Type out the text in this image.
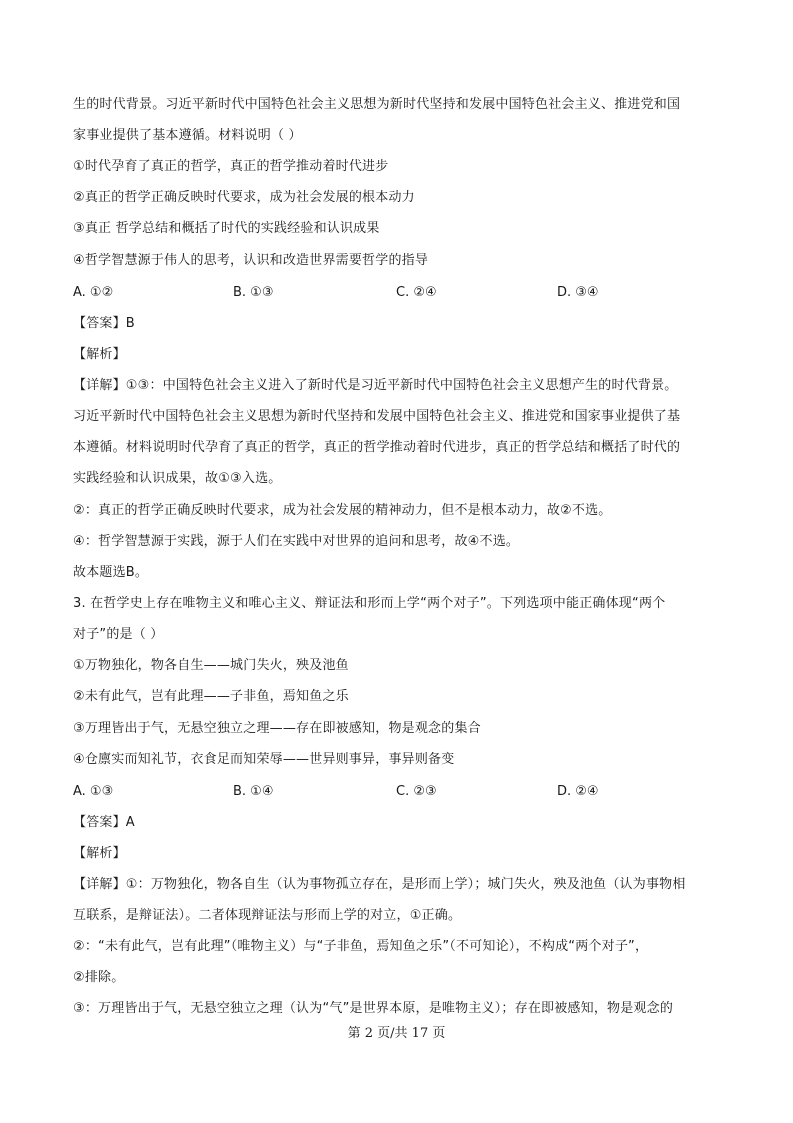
生的时代背景。习近平新时代中国特色社会主义思想为新时代坚持和发展中国特色社会主义、推进党和国
家事业提供了基本遵循。材料说明（ ）
①时代孕育了真正的哲学，真正的哲学推动着时代进步
②真正的哲学正确反映时代要求，成为社会发展的根本动力
③真正 哲学总结和概括了时代的实践经验和认识成果
④哲学智慧源于伟人的思考，认识和改造世界需要哲学的指导
A. ①②	B. ①③	C. ②④	D. ③④
【答案】B
【解析】
【详解】①③：中国特色社会主义进入了新时代是习近平新时代中国特色社会主义思想产生的时代背景。
习近平新时代中国特色社会主义思想为新时代坚持和发展中国特色社会主义、推进党和国家事业提供了基
本遵循。材料说明时代孕育了真正的哲学，真正的哲学推动着时代进步，真正的哲学总结和概括了时代的
实践经验和认识成果，故①③入选。
②：真正的哲学正确反映时代要求，成为社会发展的精神动力，但不是根本动力，故②不选。
④：哲学智慧源于实践，源于人们在实践中对世界的追问和思考，故④不选。
故本题选B。
3. 在哲学史上存在唯物主义和唯心主义、辩证法和形而上学“两个对子”。下列选项中能正确体现“两个
对子”的是（ ）
①万物独化，物各自生——城门失火，殃及池鱼
②未有此气，岂有此理——子非鱼，焉知鱼之乐
③万理皆出于气，无悬空独立之理——存在即被感知，物是观念的集合
④仓廪实而知礼节，衣食足而知荣辱——世异则事异，事异则备变
A. ①③	B. ①④	C. ②③	D. ②④
【答案】A
【解析】
【详解】①：万物独化，物各自生（认为事物孤立存在，是形而上学）；城门失火，殃及池鱼（认为事物相
互联系，是辩证法）。二者体现辩证法与形而上学的对立，①正确。
②：“未有此气，岂有此理”（唯物主义）与“子非鱼，焉知鱼之乐”（不可知论），不构成“两个对子”，
②排除。
③：万理皆出于气，无悬空独立之理（认为“气”是世界本原，是唯物主义）；存在即被感知，物是观念的
第 2 页/共 17 页
